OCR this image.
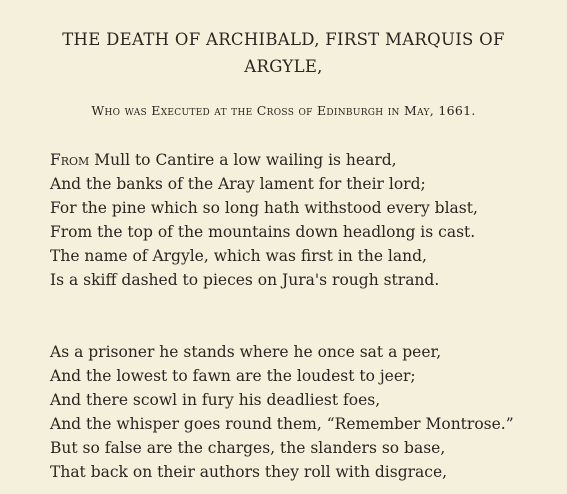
THE DEATH OF ARCHIBALD, FIRST MARQUIS OF
ARGYLE,
Who was Executed at the Cross of Edinburgh in May, 1661.
From Mull to Cantire a low wailing is heard,
And the banks of the Aray lament for their lord;
For the pine which so long hath withstood every blast,
From the top of the mountains down headlong is cast.
The name of Argyle, which was first in the land,
Is a skiff dashed to pieces on Jura's rough strand.
As a prisoner he stands where he once sat a peer,
And the lowest to fawn are the loudest to jeer;
And there scowl in fury his deadliest foes,
And the whisper goes round them, “Remember Montrose.”
But so false are the charges, the slanders so base,
That back on their authors they roll with disgrace,
